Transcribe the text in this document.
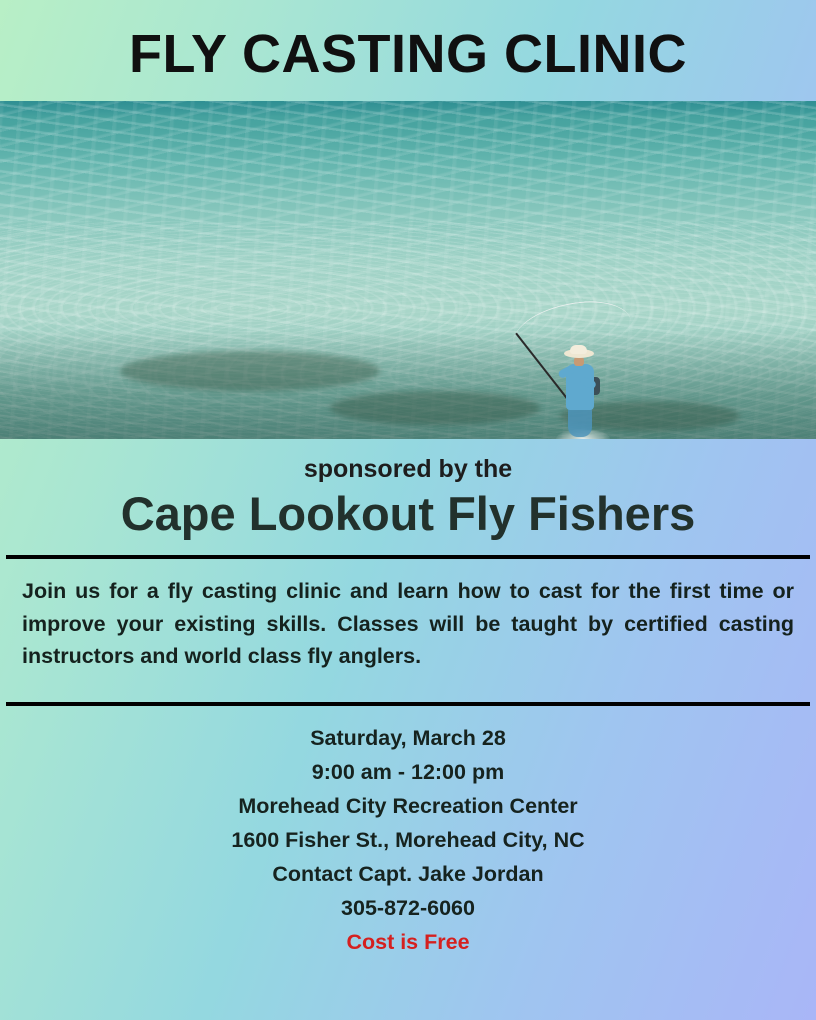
FLY CASTING CLINIC
sponsored by the
Cape Lookout Fly Fishers
Join us for a fly casting clinic and learn how to cast for the first time or improve your existing skills. Classes will be taught by certified casting instructors and world class fly anglers.
Saturday, March 28
9:00 am - 12:00 pm
Morehead City Recreation Center
1600 Fisher St., Morehead City, NC
Contact Capt. Jake Jordan
305-872-6060
Cost is Free
